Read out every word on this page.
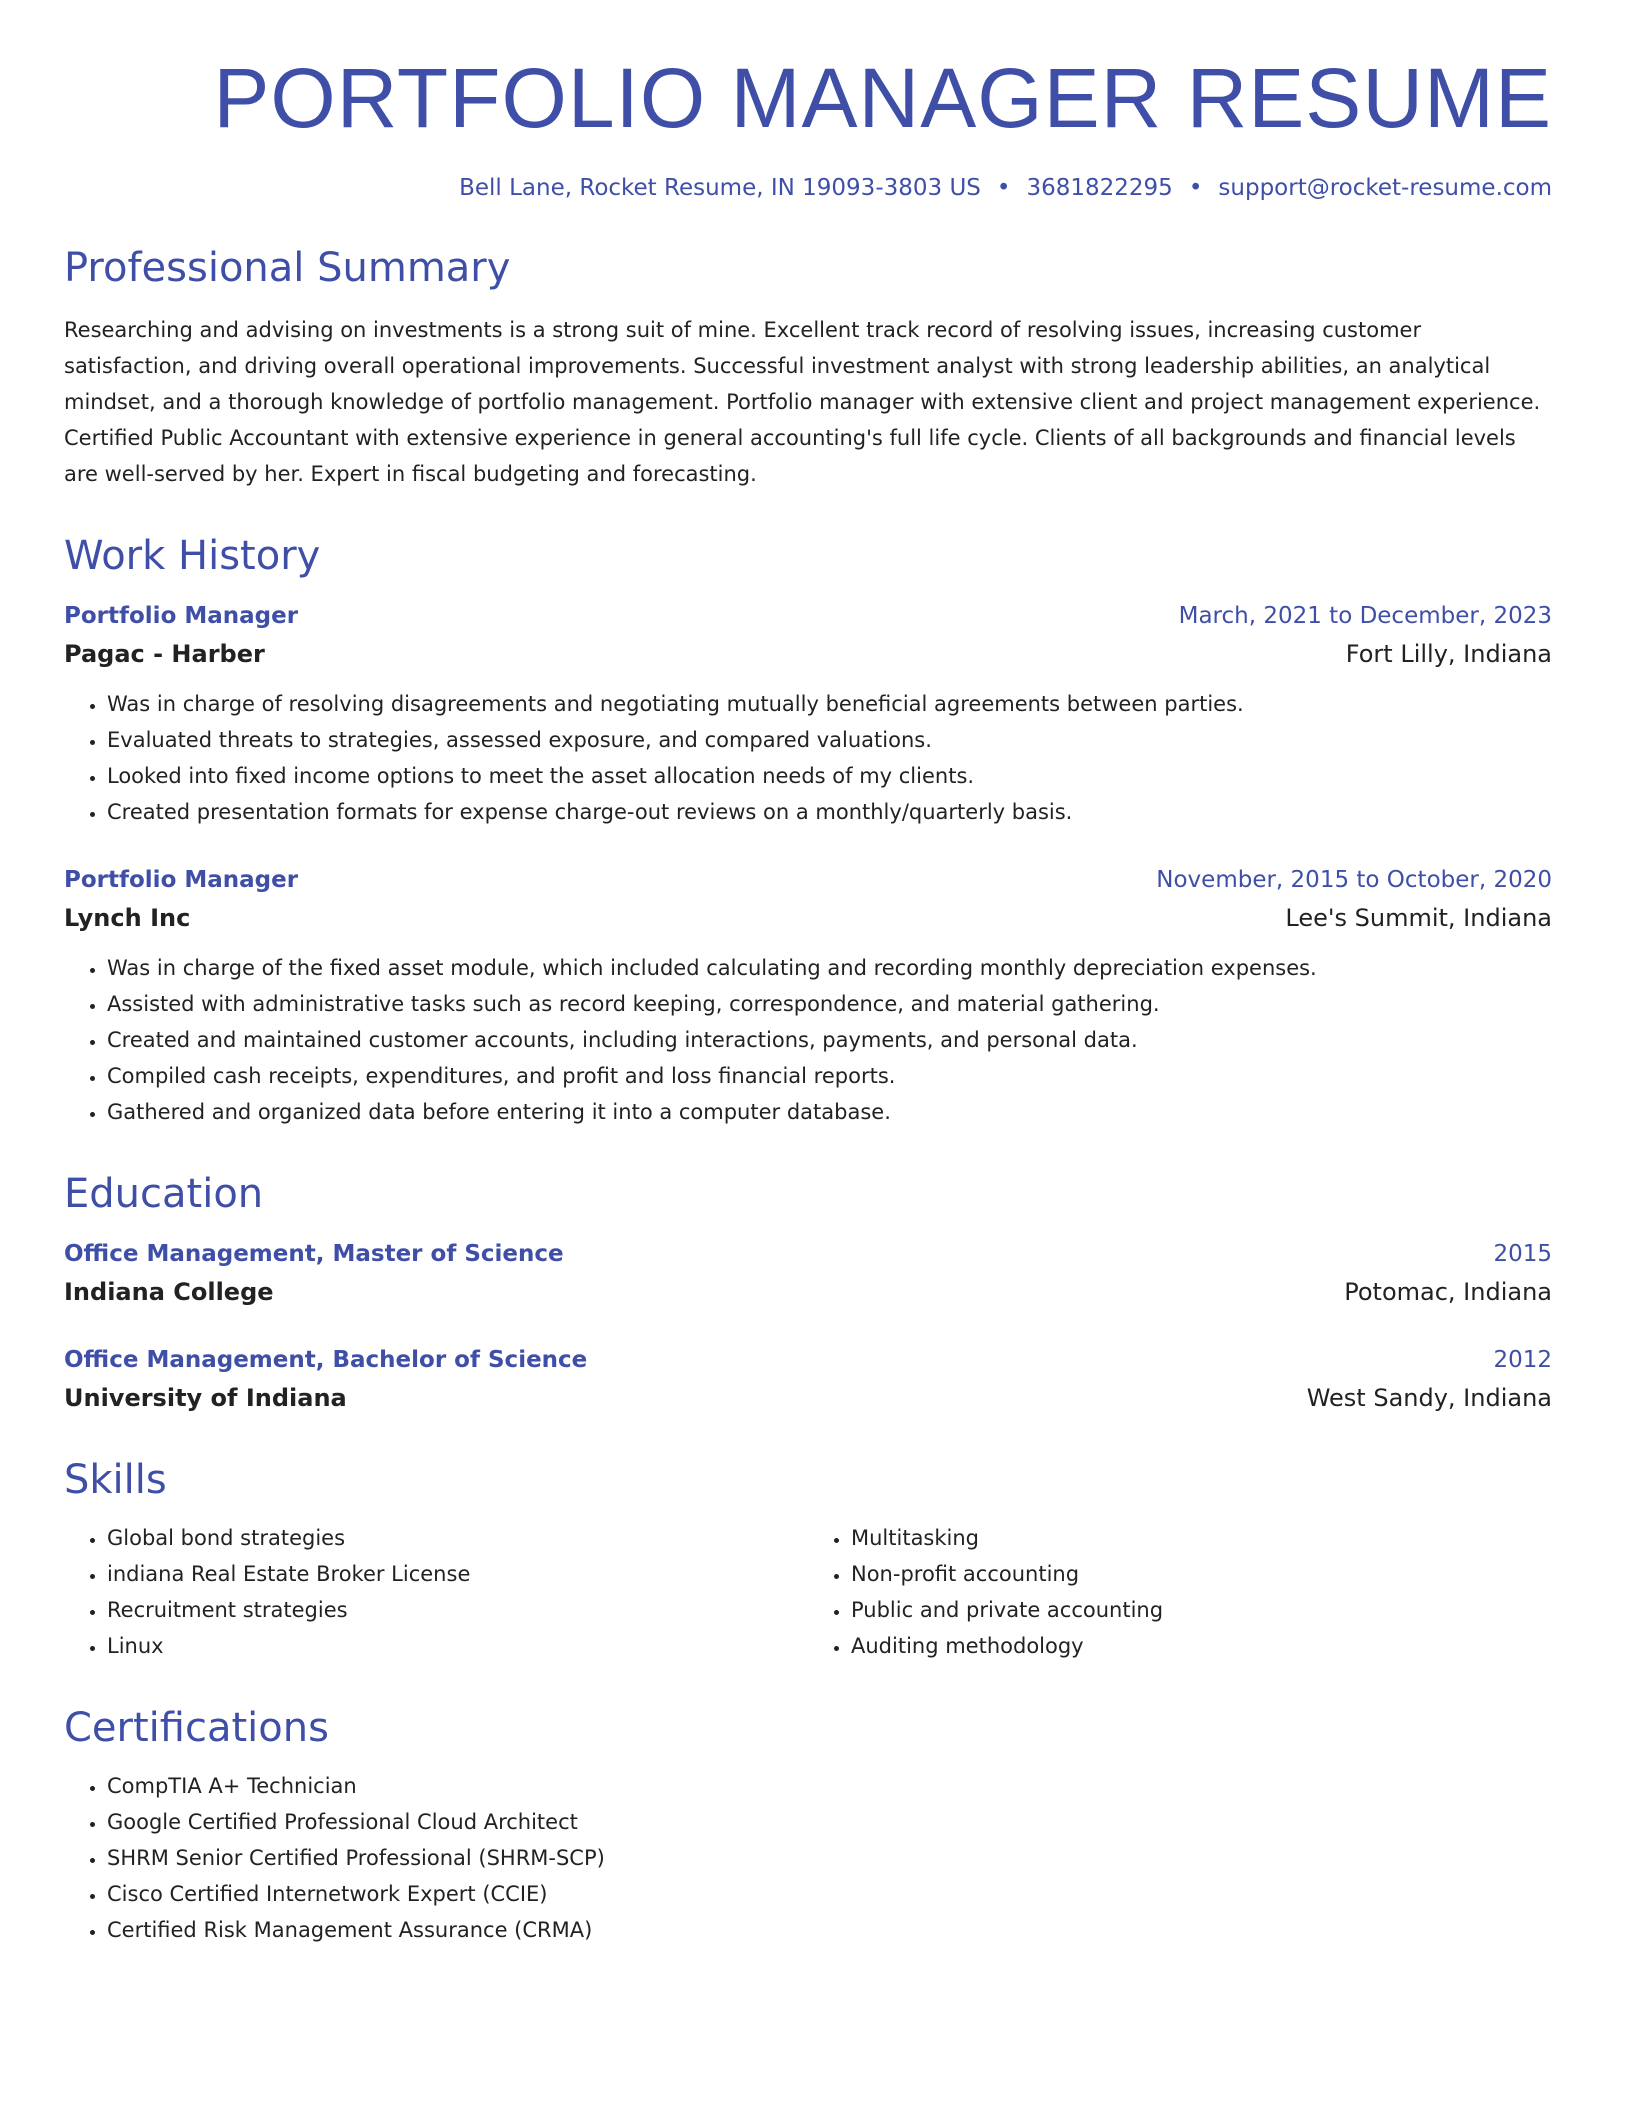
PORTFOLIO MANAGER RESUME
Bell Lane, Rocket Resume, IN 19093-3803 US • 3681822295 • support@rocket-resume.com
Professional Summary
Researching and advising on investments is a strong suit of mine. Excellent track record of resolving issues, increasing customer satisfaction, and driving overall operational improvements. Successful investment analyst with strong leadership abilities, an analytical mindset, and a thorough knowledge of portfolio management. Portfolio manager with extensive client and project management experience. Certified Public Accountant with extensive experience in general accounting's full life cycle. Clients of all backgrounds and financial levels are well-served by her. Expert in fiscal budgeting and forecasting.
Work History
Portfolio Manager	March, 2021 to December, 2023
Pagac - Harber	Fort Lilly, Indiana
• Was in charge of resolving disagreements and negotiating mutually beneficial agreements between parties.
• Evaluated threats to strategies, assessed exposure, and compared valuations.
• Looked into fixed income options to meet the asset allocation needs of my clients.
• Created presentation formats for expense charge-out reviews on a monthly/quarterly basis.
Portfolio Manager	November, 2015 to October, 2020
Lynch Inc	Lee's Summit, Indiana
• Was in charge of the fixed asset module, which included calculating and recording monthly depreciation expenses.
• Assisted with administrative tasks such as record keeping, correspondence, and material gathering.
• Created and maintained customer accounts, including interactions, payments, and personal data.
• Compiled cash receipts, expenditures, and profit and loss financial reports.
• Gathered and organized data before entering it into a computer database.
Education
Office Management, Master of Science	2015
Indiana College	Potomac, Indiana
Office Management, Bachelor of Science	2012
University of Indiana	West Sandy, Indiana
Skills
• Global bond strategies
• indiana Real Estate Broker License
• Recruitment strategies
• Linux
• Multitasking
• Non-profit accounting
• Public and private accounting
• Auditing methodology
Certifications
• CompTIA A+ Technician
• Google Certified Professional Cloud Architect
• SHRM Senior Certified Professional (SHRM-SCP)
• Cisco Certified Internetwork Expert (CCIE)
• Certified Risk Management Assurance (CRMA)
